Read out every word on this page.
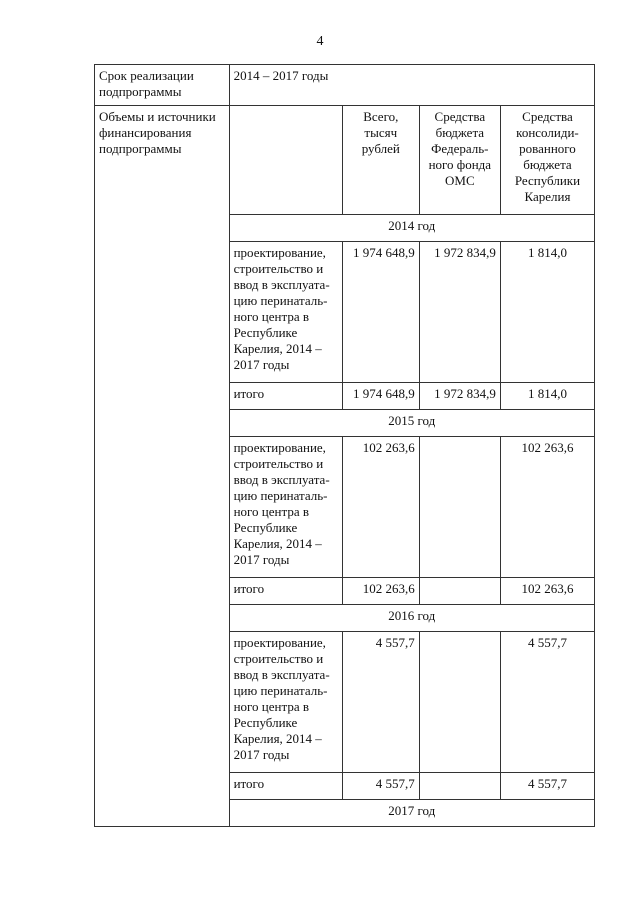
4
Срок реализации подпрограммы	2014 – 2017 годы			
Объемы и источники финансирования подпрограммы		Всего, тысяч рублей	Средства бюджета Федераль-ного фонда ОМС	Средства консолиди-рованного бюджета Республики Карелия
	2014 год			
	проектирование, строительство и ввод в эксплуата-цию перинаталь-ного центра в Республике Карелия, 2014 – 2017 годы	1 974 648,9	1 972 834,9	1 814,0
	итого	1 974 648,9	1 972 834,9	1 814,0
	2015 год			
	проектирование, строительство и ввод в эксплуата-цию перинаталь-ного центра в Республике Карелия, 2014 – 2017 годы	102 263,6		102 263,6
	итого	102 263,6		102 263,6
	2016 год			
	проектирование, строительство и ввод в эксплуата-цию перинаталь-ного центра в Республике Карелия, 2014 – 2017 годы	4 557,7		4 557,7
	итого	4 557,7		4 557,7
	2017 год			
